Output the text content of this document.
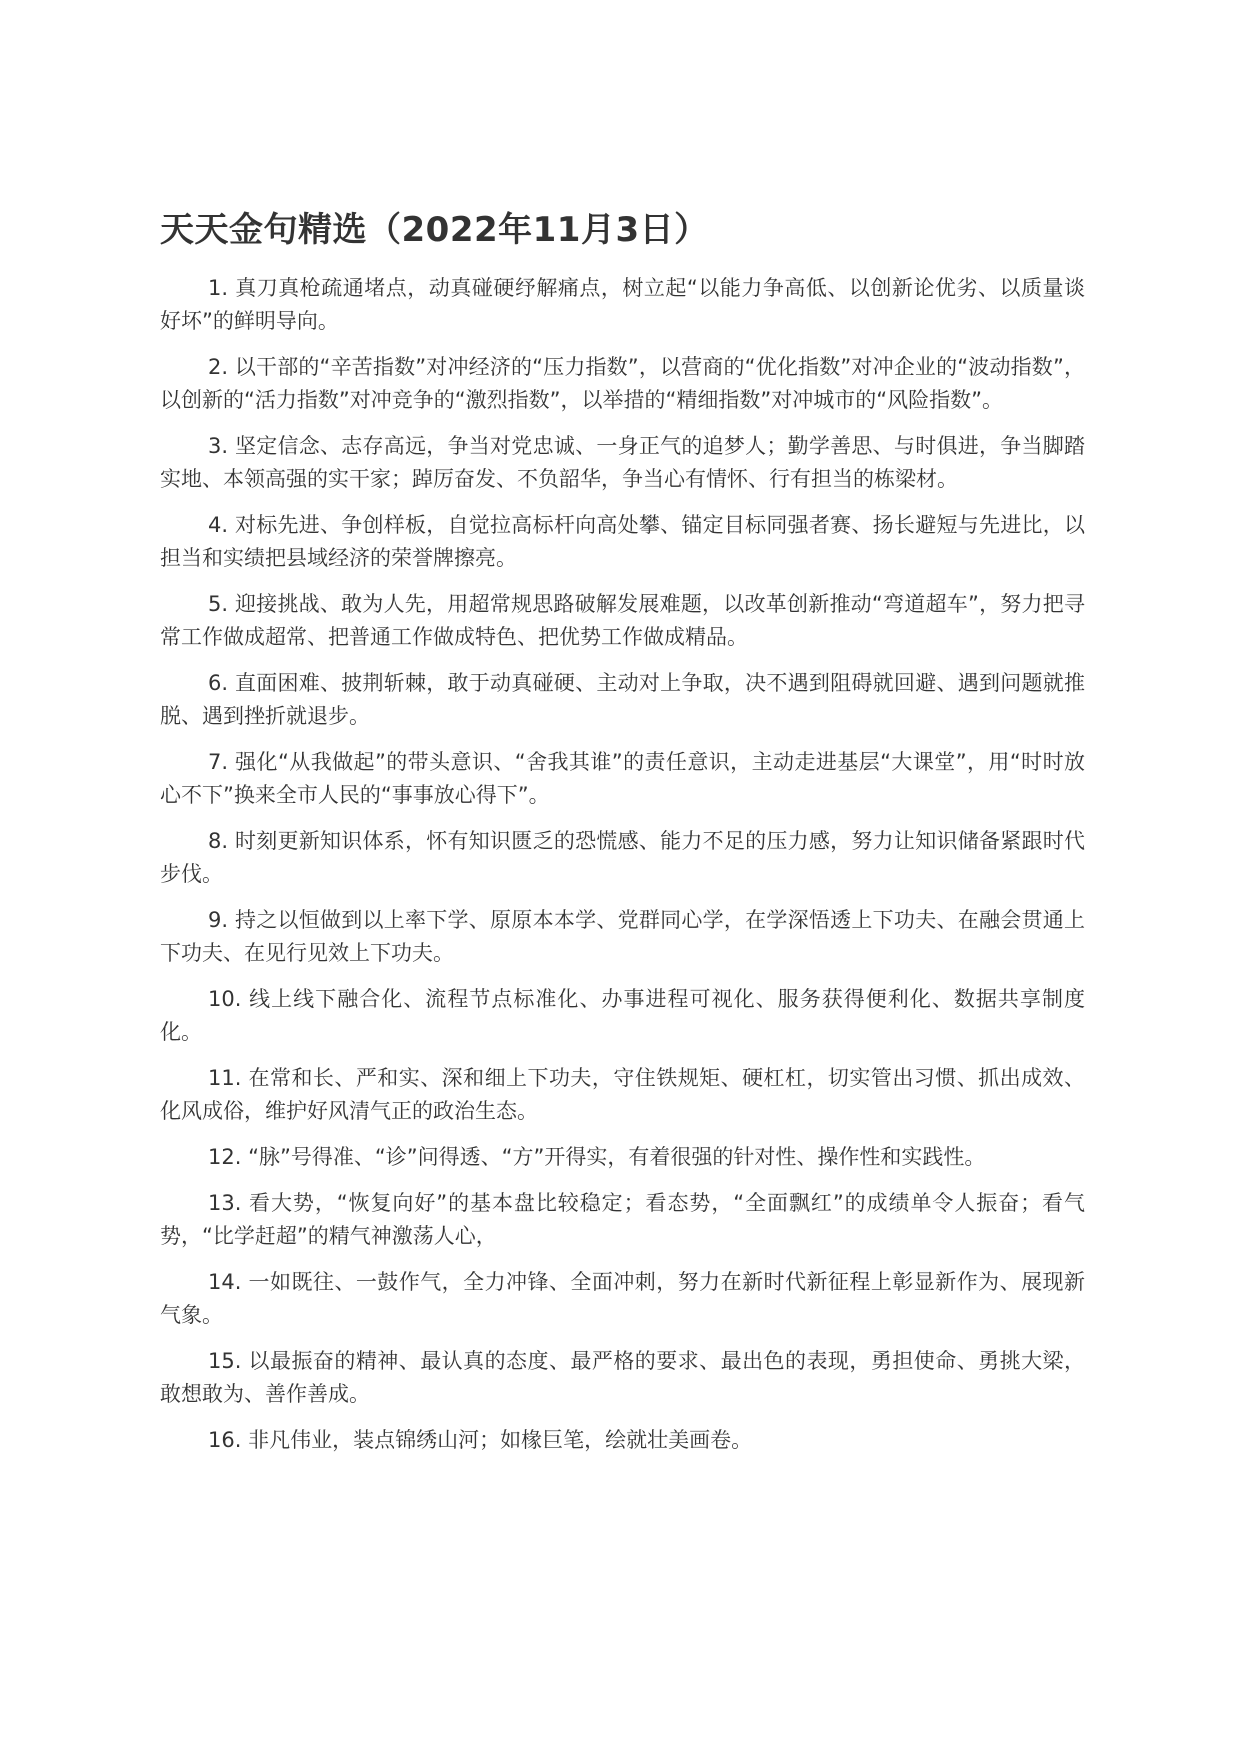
天天金句精选（2022年11月3日）

1. 真刀真枪疏通堵点，动真碰硬纾解痛点，树立起“以能力争高低、以创新论优劣、以质量谈好坏”的鲜明导向。

2. 以干部的“辛苦指数”对冲经济的“压力指数”，以营商的“优化指数”对冲企业的“波动指数”，以创新的“活力指数”对冲竞争的“激烈指数”，以举措的“精细指数”对冲城市的“风险指数”。

3. 坚定信念、志存高远，争当对党忠诚、一身正气的追梦人；勤学善思、与时俱进，争当脚踏实地、本领高强的实干家；踔厉奋发、不负韶华，争当心有情怀、行有担当的栋梁材。

4. 对标先进、争创样板，自觉拉高标杆向高处攀、锚定目标同强者赛、扬长避短与先进比，以担当和实绩把县域经济的荣誉牌擦亮。

5. 迎接挑战、敢为人先，用超常规思路破解发展难题，以改革创新推动“弯道超车”，努力把寻常工作做成超常、把普通工作做成特色、把优势工作做成精品。

6. 直面困难、披荆斩棘，敢于动真碰硬、主动对上争取，决不遇到阻碍就回避、遇到问题就推脱、遇到挫折就退步。

7. 强化“从我做起”的带头意识、“舍我其谁”的责任意识，主动走进基层“大课堂”，用“时时放心不下”换来全市人民的“事事放心得下”。

8. 时刻更新知识体系，怀有知识匮乏的恐慌感、能力不足的压力感，努力让知识储备紧跟时代步伐。

9. 持之以恒做到以上率下学、原原本本学、党群同心学，在学深悟透上下功夫、在融会贯通上下功夫、在见行见效上下功夫。

10. 线上线下融合化、流程节点标准化、办事进程可视化、服务获得便利化、数据共享制度化。

11. 在常和长、严和实、深和细上下功夫，守住铁规矩、硬杠杠，切实管出习惯、抓出成效、化风成俗，维护好风清气正的政治生态。

12. “脉”号得准、“诊”问得透、“方”开得实，有着很强的针对性、操作性和实践性。

13. 看大势，“恢复向好”的基本盘比较稳定；看态势，“全面飘红”的成绩单令人振奋；看气势，“比学赶超”的精气神激荡人心，

14. 一如既往、一鼓作气，全力冲锋、全面冲刺，努力在新时代新征程上彰显新作为、展现新气象。

15. 以最振奋的精神、最认真的态度、最严格的要求、最出色的表现，勇担使命、勇挑大梁，敢想敢为、善作善成。

16. 非凡伟业，装点锦绣山河；如椽巨笔，绘就壮美画卷。
